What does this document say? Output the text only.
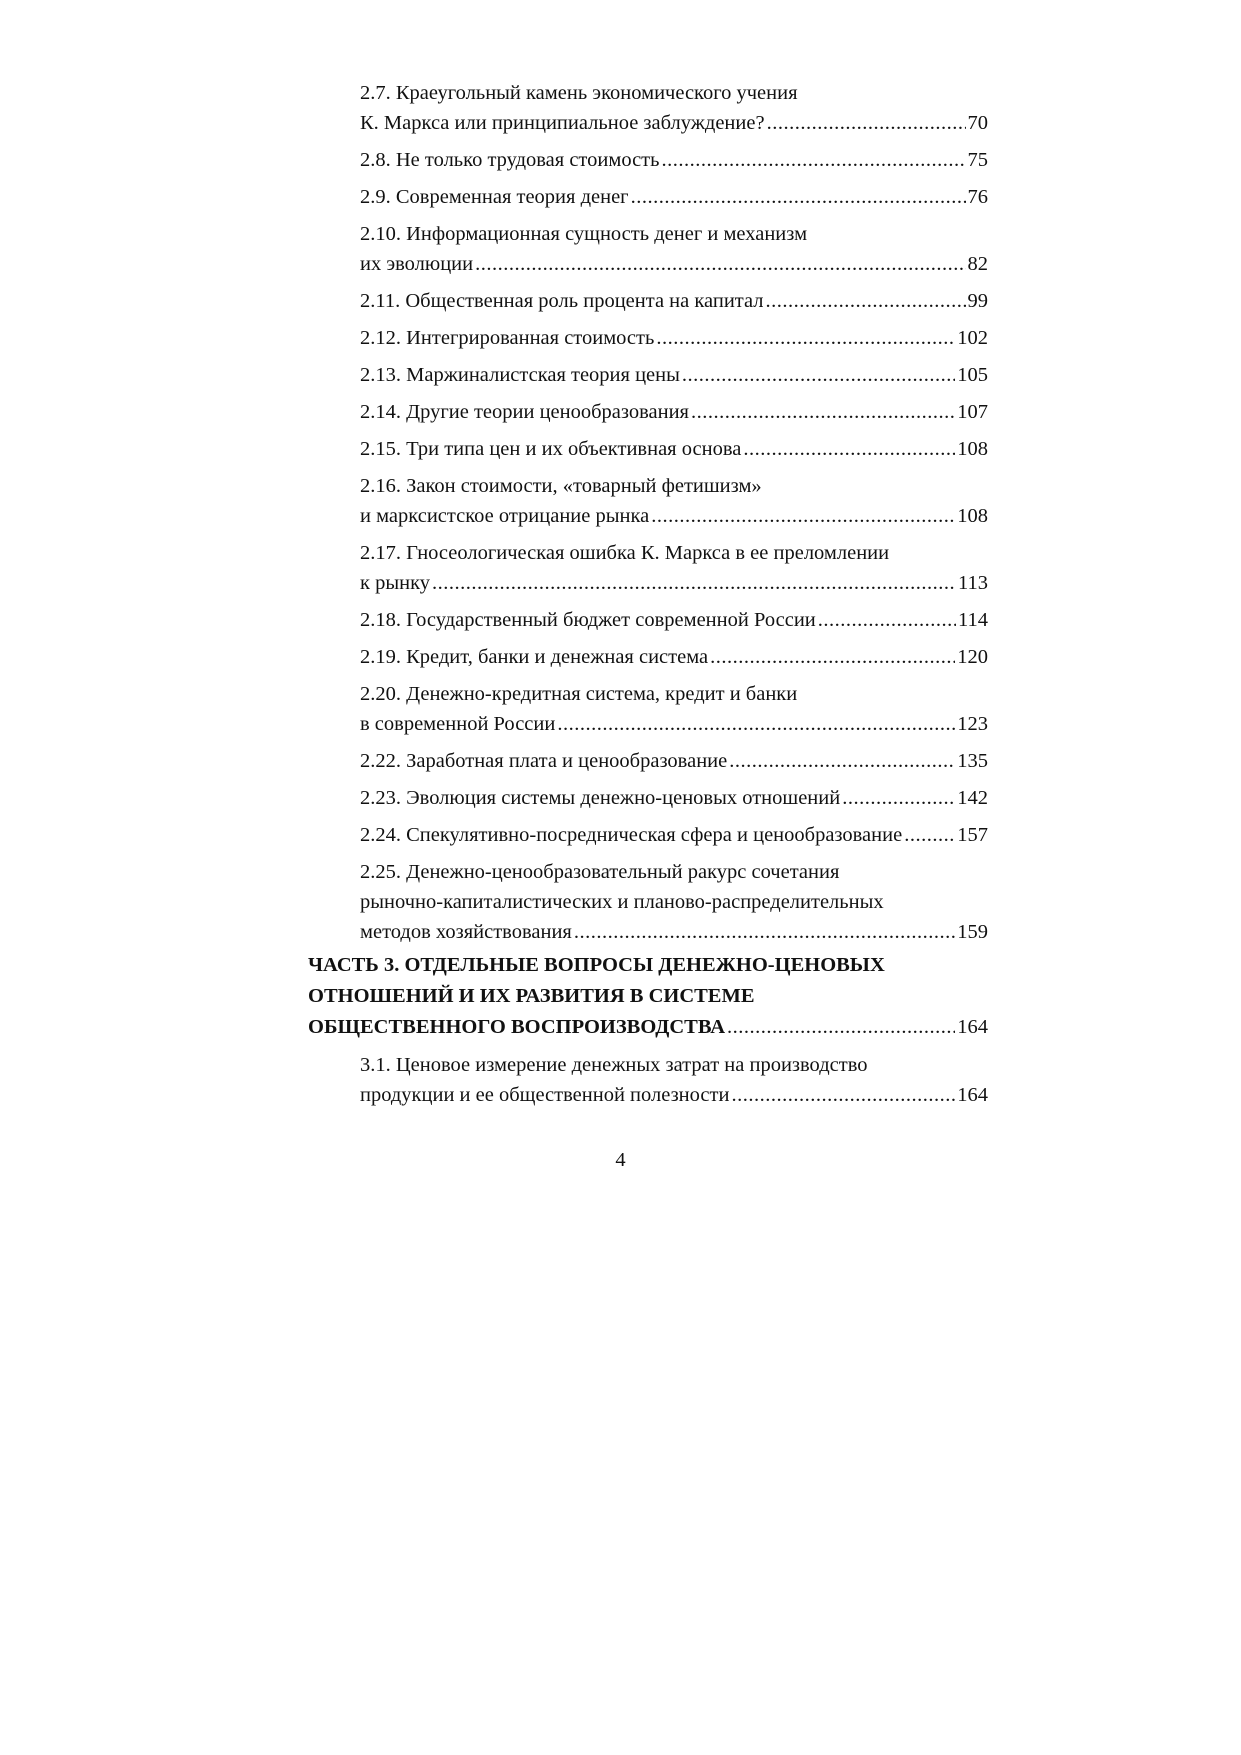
2.7. Краеугольный камень экономического учения
К. Маркса или принципиальное заблуждение? .....	70
2.8. Не только трудовая стоимость .....	75
2.9. Современная теория денег .....	76
2.10. Информационная сущность денег и механизм
их эволюции .....	82
2.11. Общественная роль процента на капитал .....	99
2.12. Интегрированная стоимость .....	102
2.13. Маржиналистская теория цены .....	105
2.14. Другие теории ценообразования .....	107
2.15. Три типа цен и их объективная основа .....	108
2.16. Закон стоимости, «товарный фетишизм»
и марксистское отрицание рынка .....	108
2.17. Гносеологическая ошибка К. Маркса в ее преломлении
к рынку .....	113
2.18. Государственный бюджет современной России .....	114
2.19. Кредит, банки и денежная система .....	120
2.20. Денежно-кредитная система, кредит и банки
в современной России .....	123
2.22. Заработная плата и ценообразование .....	135
2.23. Эволюция системы денежно-ценовых отношений .....	142
2.24. Спекулятивно-посредническая сфера и ценообразование .....	157
2.25. Денежно-ценообразовательный ракурс сочетания
рыночно-капиталистических и планово-распределительных
методов хозяйствования .....	159
ЧАСТЬ 3. ОТДЕЛЬНЫЕ ВОПРОСЫ ДЕНЕЖНО-ЦЕНОВЫХ
ОТНОШЕНИЙ И ИХ РАЗВИТИЯ В СИСТЕМЕ
ОБЩЕСТВЕННОГО ВОСПРОИЗВОДСТВА .....	164
3.1. Ценовое измерение денежных затрат на производство
продукции и ее общественной полезности .....	164
4
